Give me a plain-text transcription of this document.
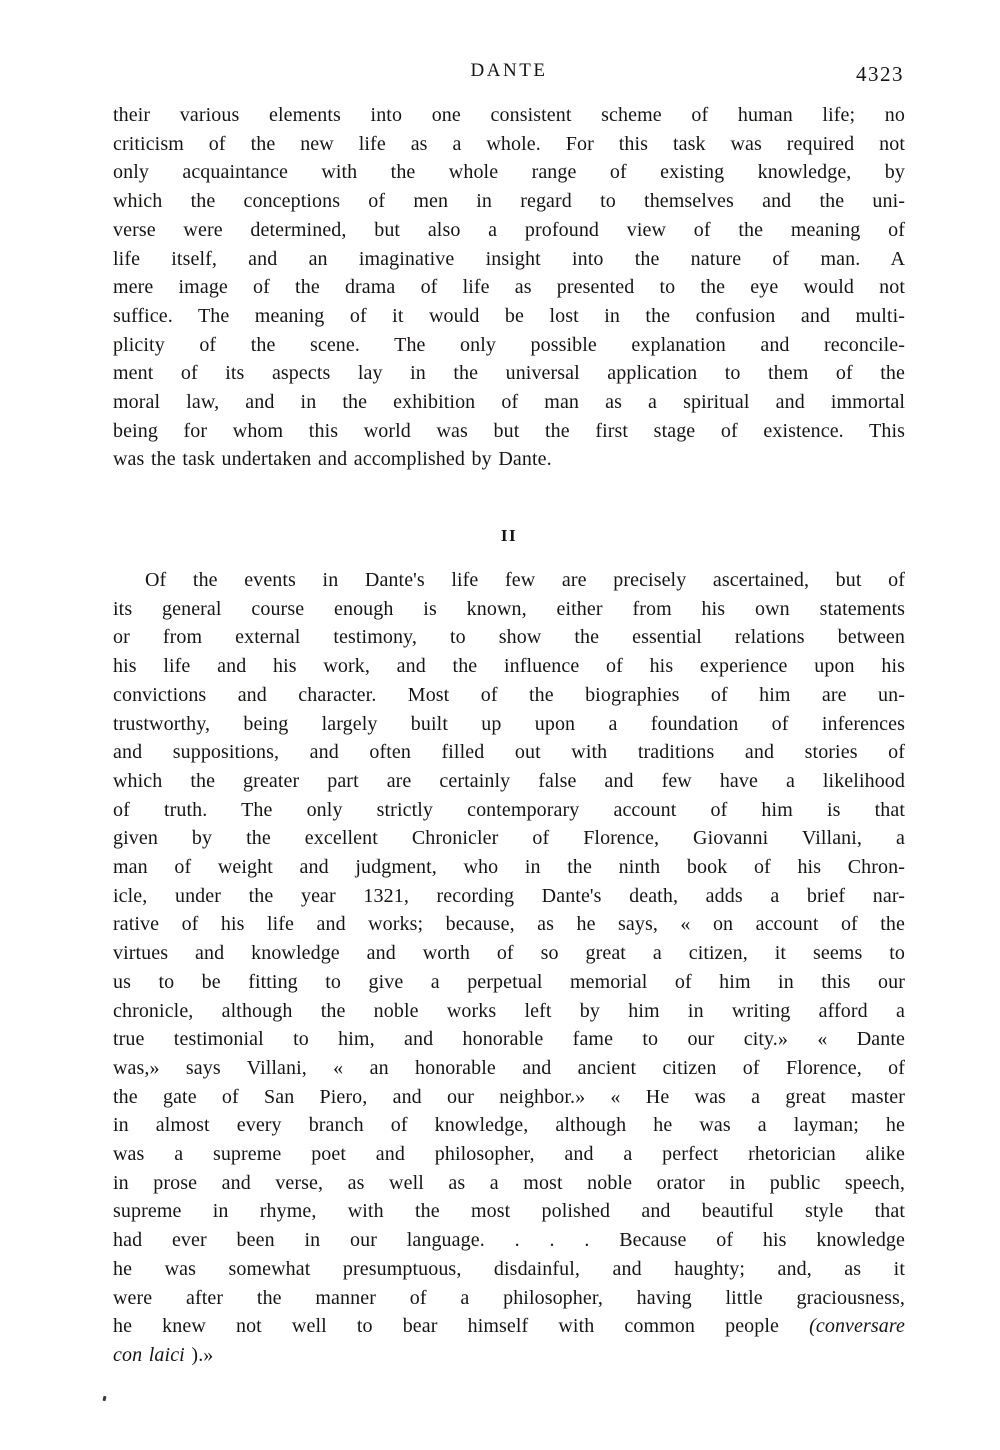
DANTE	4323
their various elements into one consistent scheme of human life; no
criticism of the new life as a whole. For this task was required not
only acquaintance with the whole range of existing knowledge, by
which the conceptions of men in regard to themselves and the uni-
verse were determined, but also a profound view of the meaning of
life itself, and an imaginative insight into the nature of man. A
mere image of the drama of life as presented to the eye would not
suffice. The meaning of it would be lost in the confusion and multi-
plicity of the scene. The only possible explanation and reconcile-
ment of its aspects lay in the universal application to them of the
moral law, and in the exhibition of man as a spiritual and immortal
being for whom this world was but the first stage of existence. This
was the task undertaken and accomplished by Dante.
II
Of the events in Dante's life few are precisely ascertained, but of
its general course enough is known, either from his own statements
or from external testimony, to show the essential relations between
his life and his work, and the influence of his experience upon his
convictions and character. Most of the biographies of him are un-
trustworthy, being largely built up upon a foundation of inferences
and suppositions, and often filled out with traditions and stories of
which the greater part are certainly false and few have a likelihood
of truth. The only strictly contemporary account of him is that
given by the excellent Chronicler of Florence, Giovanni Villani, a
man of weight and judgment, who in the ninth book of his Chron-
icle, under the year 1321, recording Dante's death, adds a brief nar-
rative of his life and works; because, as he says, « on account of the
virtues and knowledge and worth of so great a citizen, it seems to
us to be fitting to give a perpetual memorial of him in this our
chronicle, although the noble works left by him in writing afford a
true testimonial to him, and honorable fame to our city.» « Dante
was,» says Villani, « an honorable and ancient citizen of Florence, of
the gate of San Piero, and our neighbor.» « He was a great master
in almost every branch of knowledge, although he was a layman; he
was a supreme poet and philosopher, and a perfect rhetorician alike
in prose and verse, as well as a most noble orator in public speech,
supreme in rhyme, with the most polished and beautiful style that
had ever been in our language. . . . Because of his knowledge
he was somewhat presumptuous, disdainful, and haughty; and, as it
were after the manner of a philosopher, having little graciousness,
he knew not well to bear himself with common people (conversare
con laici ).»
